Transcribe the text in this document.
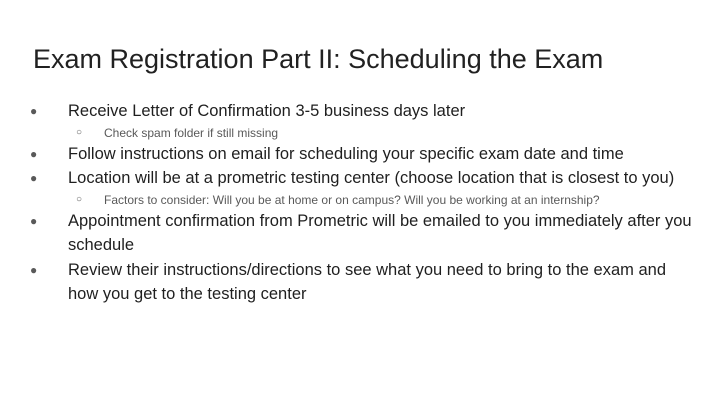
Exam Registration Part II: Scheduling the Exam
●	Receive Letter of Confirmation 3-5 business days later
○	Check spam folder if still missing
●	Follow instructions on email for scheduling your specific exam date and time
●	Location will be at a prometric testing center (choose location that is closest to you)
○	Factors to consider: Will you be at home or on campus? Will you be working at an internship?
●	Appointment confirmation from Prometric will be emailed to you immediately after you schedule
●	Review their instructions/directions to see what you need to bring to the exam and how you get to the testing center
